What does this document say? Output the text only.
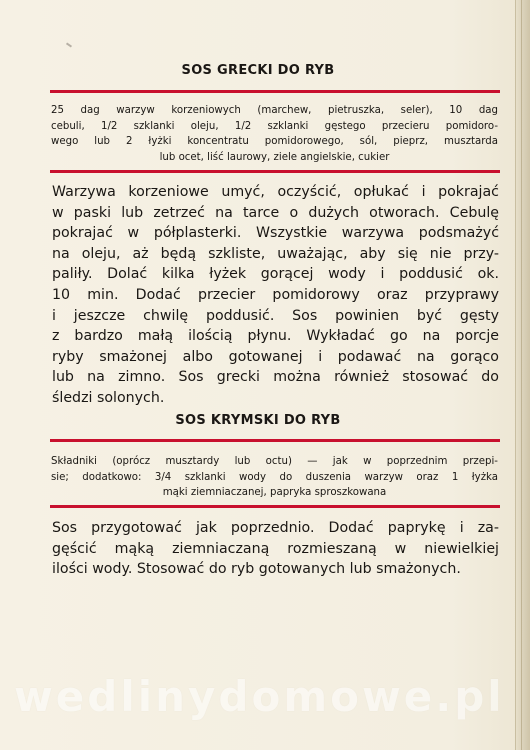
SOS GRECKI DO RYB
25 dag warzyw korzeniowych (marchew, pietruszka, seler), 10 dag
cebuli, 1/2 szklanki oleju, 1/2 szklanki gęstego przecieru pomidoro-
wego lub 2 łyżki koncentratu pomidorowego, sól, pieprz, musztarda
lub ocet, liść laurowy, ziele angielskie, cukier
Warzywa korzeniowe umyć, oczyścić, opłukać i pokrajać
w paski lub zetrzeć na tarce o dużych otworach. Cebulę
pokrajać w półplasterki. Wszystkie warzywa podsmażyć
na oleju, aż będą szkliste, uważając, aby się nie przy-
paliły. Dolać kilka łyżek gorącej wody i poddusić ok.
10 min. Dodać przecier pomidorowy oraz przyprawy
i jeszcze chwilę poddusić. Sos powinien być gęsty
z bardzo małą ilością płynu. Wykładać go na porcje
ryby smażonej albo gotowanej i podawać na gorąco
lub na zimno. Sos grecki można również stosować do
śledzi solonych.
SOS KRYMSKI DO RYB
Składniki (oprócz musztardy lub octu) — jak w poprzednim przepi-
sie; dodatkowo: 3/4 szklanki wody do duszenia warzyw oraz 1 łyżka
mąki ziemniaczanej, papryka sproszkowana
Sos przygotować jak poprzednio. Dodać paprykę i za-
gęścić mąką ziemniaczaną rozmieszaną w niewielkiej
ilości wody. Stosować do ryb gotowanych lub smażonych.
wedlinydomowe.pl
